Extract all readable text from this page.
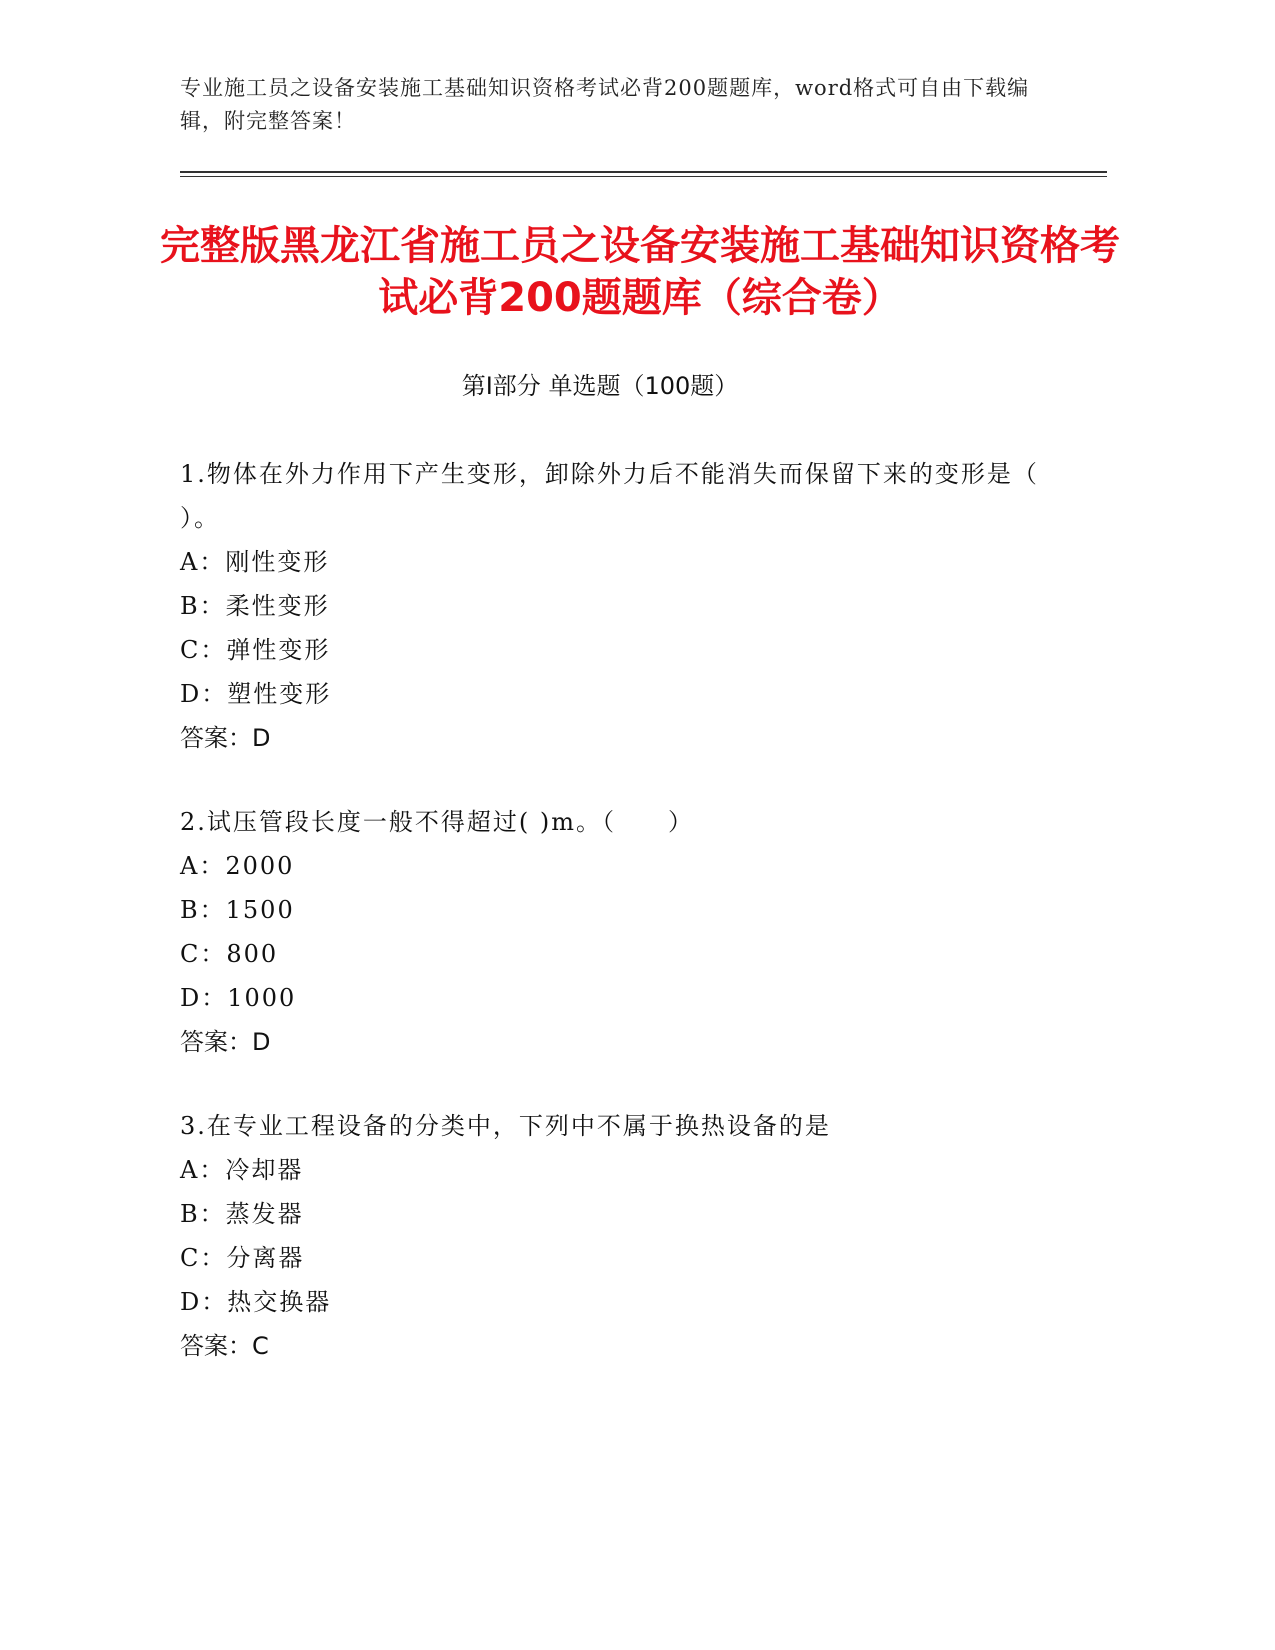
专业施工员之设备安装施工基础知识资格考试必背200题题库，word格式可自由下载编辑，附完整答案！
完整版黑龙江省施工员之设备安装施工基础知识资格考试必背200题题库（综合卷）
第I部分 单选题（100题）

1.物体在外力作用下产生变形，卸除外力后不能消失而保留下来的变形是（ ）。

A：刚性变形

B：柔性变形

C：弹性变形

D：塑性变形

答案：D

2.试压管段长度一般不得超过( )m。（　　）

A：2000

B：1500

C：800

D：1000

答案：D

3.在专业工程设备的分类中，下列中不属于换热设备的是

A：冷却器

B：蒸发器

C：分离器

D：热交换器

答案：C
